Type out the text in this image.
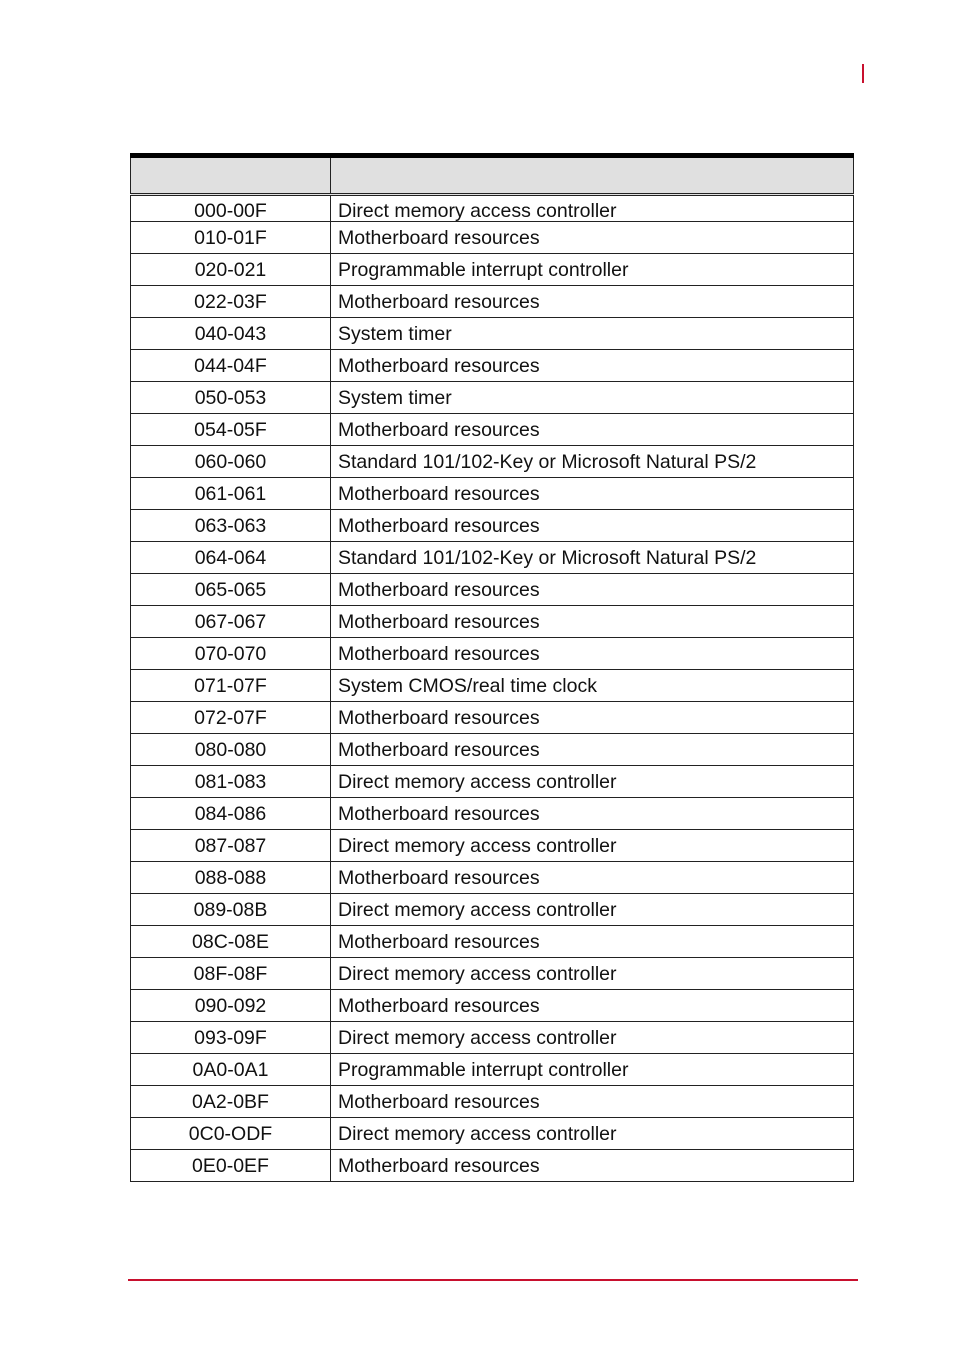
000-00F	Direct memory access controller
010-01F	Motherboard resources
020-021	Programmable interrupt controller
022-03F	Motherboard resources
040-043	System timer
044-04F	Motherboard resources
050-053	System timer
054-05F	Motherboard resources
060-060	Standard 101/102-Key or Microsoft Natural PS/2
061-061	Motherboard resources
063-063	Motherboard resources
064-064	Standard 101/102-Key or Microsoft Natural PS/2
065-065	Motherboard resources
067-067	Motherboard resources
070-070	Motherboard resources
071-07F	System CMOS/real time clock
072-07F	Motherboard resources
080-080	Motherboard resources
081-083	Direct memory access controller
084-086	Motherboard resources
087-087	Direct memory access controller
088-088	Motherboard resources
089-08B	Direct memory access controller
08C-08E	Motherboard resources
08F-08F	Direct memory access controller
090-092	Motherboard resources
093-09F	Direct memory access controller
0A0-0A1	Programmable interrupt controller
0A2-0BF	Motherboard resources
0C0-ODF	Direct memory access controller
0E0-0EF	Motherboard resources
